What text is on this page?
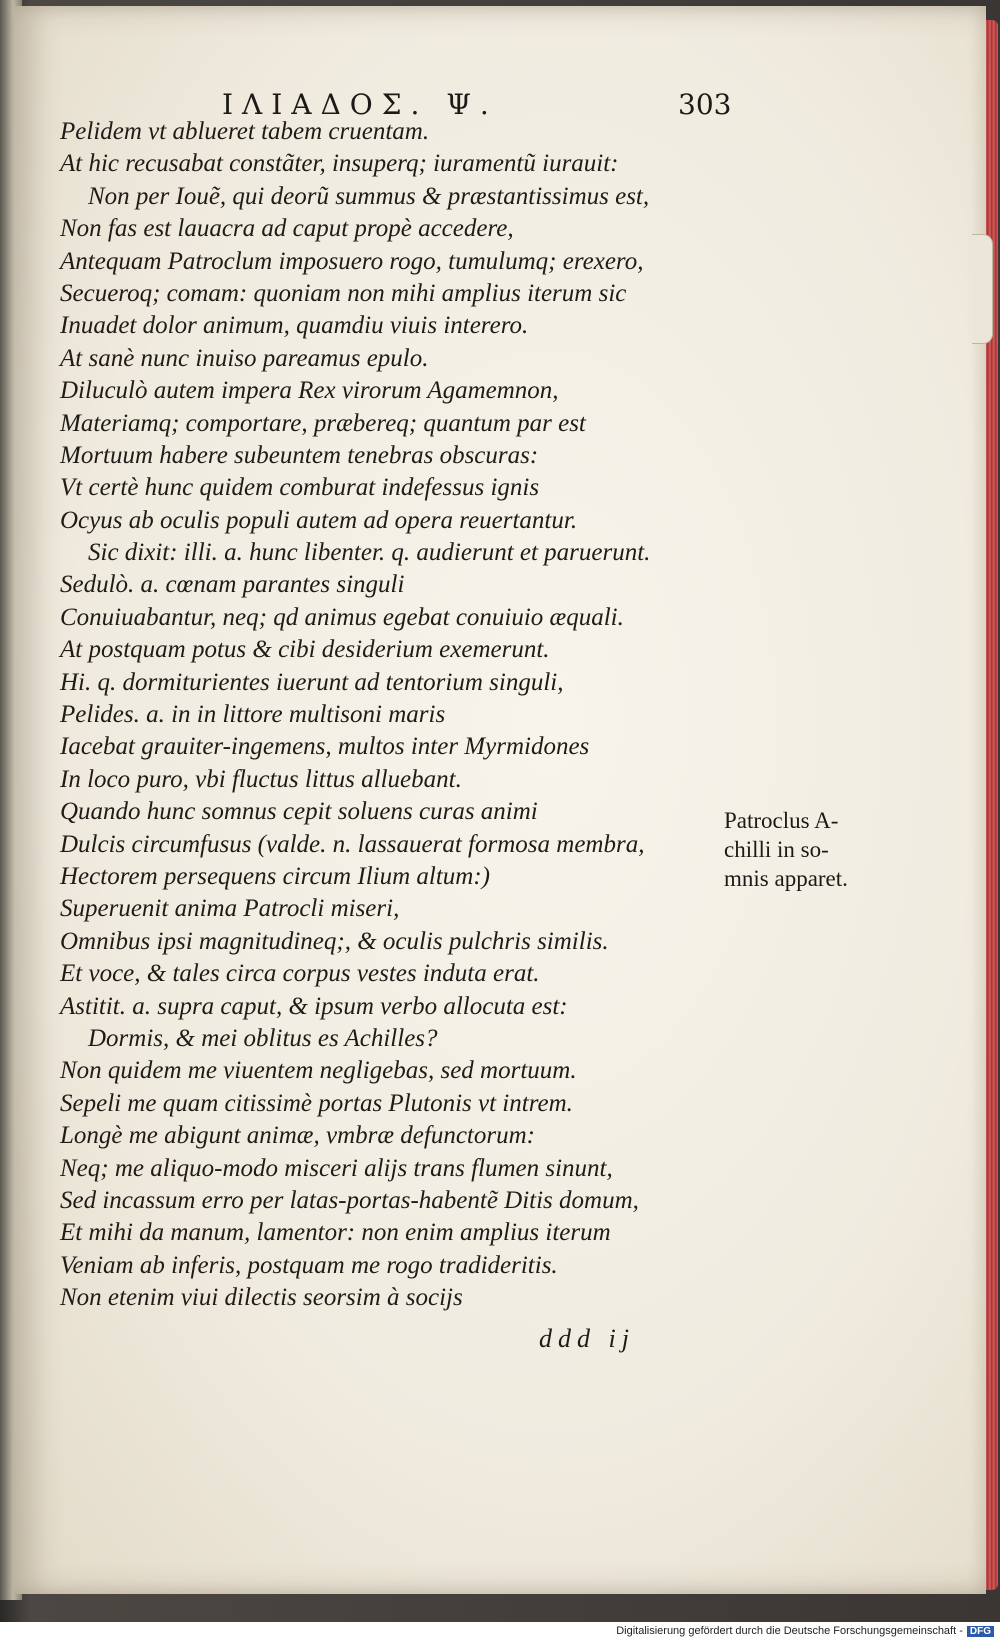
ΙΛΙΑΔΟΣ. Ψ.	303
Pelidem vt ablueret tabem cruentam.
At hic recusabat constãter, insuperq; iuramentũ iurauit:
Non per Iouẽ, qui deorũ summus & præstantissimus est,
Non fas est lauacra ad caput propè accedere,
Antequam Patroclum imposuero rogo, tumulumq; erexero,
Secueroq; comam: quoniam non mihi amplius iterum sic
Inuadet dolor animum, quamdiu viuis interero.
At sanè nunc inuiso pareamus epulo.
Diluculò autem impera Rex virorum Agamemnon,
Materiamq; comportare, præbereq; quantum par est
Mortuum habere subeuntem tenebras obscuras:
Vt certè hunc quidem comburat indefessus ignis
Ocyus ab oculis populi autem ad opera reuertantur.
Sic dixit: illi. a. hunc libenter. q. audierunt et paruerunt.
Sedulò. a. cœnam parantes singuli
Conuiuabantur, neq; qd animus egebat conuiuio æquali.
At postquam potus & cibi desiderium exemerunt.
Hi. q. dormiturientes iuerunt ad tentorium singuli,
Pelides. a. in in littore multisoni maris
Iacebat grauiter-ingemens, multos inter Myrmidones
In loco puro, vbi fluctus littus alluebant.
Quando hunc somnus cepit soluens curas animi
Dulcis circumfusus (valde. n. lassauerat formosa membra,
Hectorem persequens circum Ilium altum:)
Superuenit anima Patrocli miseri,
Omnibus ipsi magnitudineq;, & oculis pulchris similis.
Et voce, & tales circa corpus vestes induta erat.
Astitit. a. supra caput, & ipsum verbo allocuta est:
Dormis, & mei oblitus es Achilles?
Non quidem me viuentem negligebas, sed mortuum.
Sepeli me quam citissimè portas Plutonis vt intrem.
Longè me abigunt animæ, vmbræ defunctorum:
Neq; me aliquo-modo misceri alijs trans flumen sinunt,
Sed incassum erro per latas-portas-habentẽ Ditis domum,
Et mihi da manum, lamentor: non enim amplius iterum
Veniam ab inferis, postquam me rogo tradideritis.
Non etenim viui dilectis seorsim à socijs
Patroclus A-
chilli in so-
mnis apparet.
ddd ij
Digitalisierung gefördert durch die Deutsche Forschungsgemeinschaft - DFG
